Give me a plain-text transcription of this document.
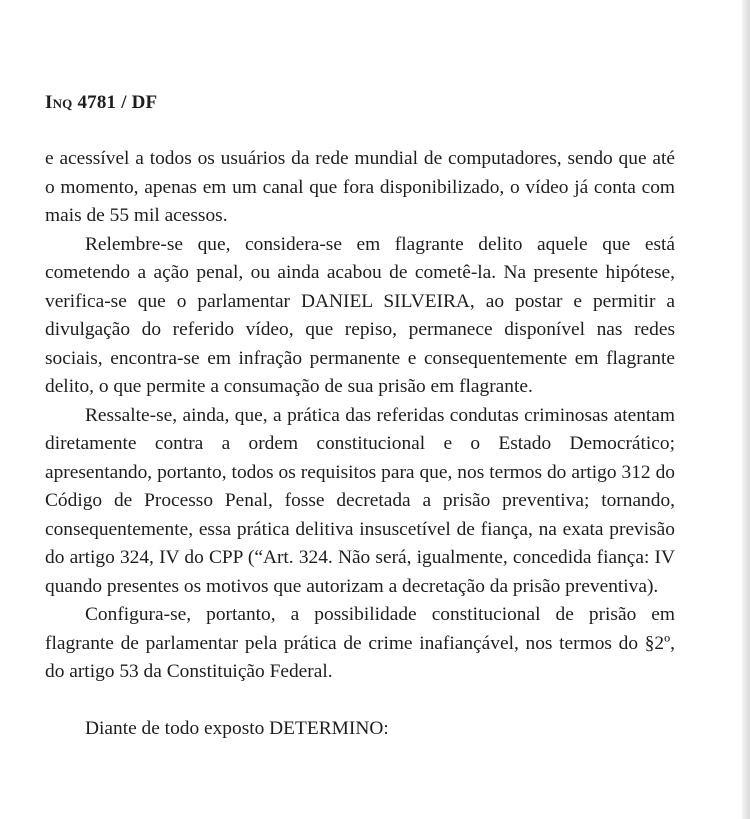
Inq 4781 / DF

e acessível a todos os usuários da rede mundial de computadores, sendo que até o momento, apenas em um canal que fora disponibilizado, o vídeo já conta com mais de 55 mil acessos.

Relembre-se que, considera-se em flagrante delito aquele que está cometendo a ação penal, ou ainda acabou de cometê-la. Na presente hipótese, verifica-se que o parlamentar DANIEL SILVEIRA, ao postar e permitir a divulgação do referido vídeo, que repiso, permanece disponível nas redes sociais, encontra-se em infração permanente e consequentemente em flagrante delito, o que permite a consumação de sua prisão em flagrante.

Ressalte-se, ainda, que, a prática das referidas condutas criminosas atentam diretamente contra a ordem constitucional e o Estado Democrático; apresentando, portanto, todos os requisitos para que, nos termos do artigo 312 do Código de Processo Penal, fosse decretada a prisão preventiva; tornando, consequentemente, essa prática delitiva insuscetível de fiança, na exata previsão do artigo 324, IV do CPP (“Art. 324. Não será, igualmente, concedida fiança: IV quando presentes os motivos que autorizam a decretação da prisão preventiva).

Configura-se, portanto, a possibilidade constitucional de prisão em flagrante de parlamentar pela prática de crime inafiançável, nos termos do §2º, do artigo 53 da Constituição Federal.

Diante de todo exposto DETERMINO:
